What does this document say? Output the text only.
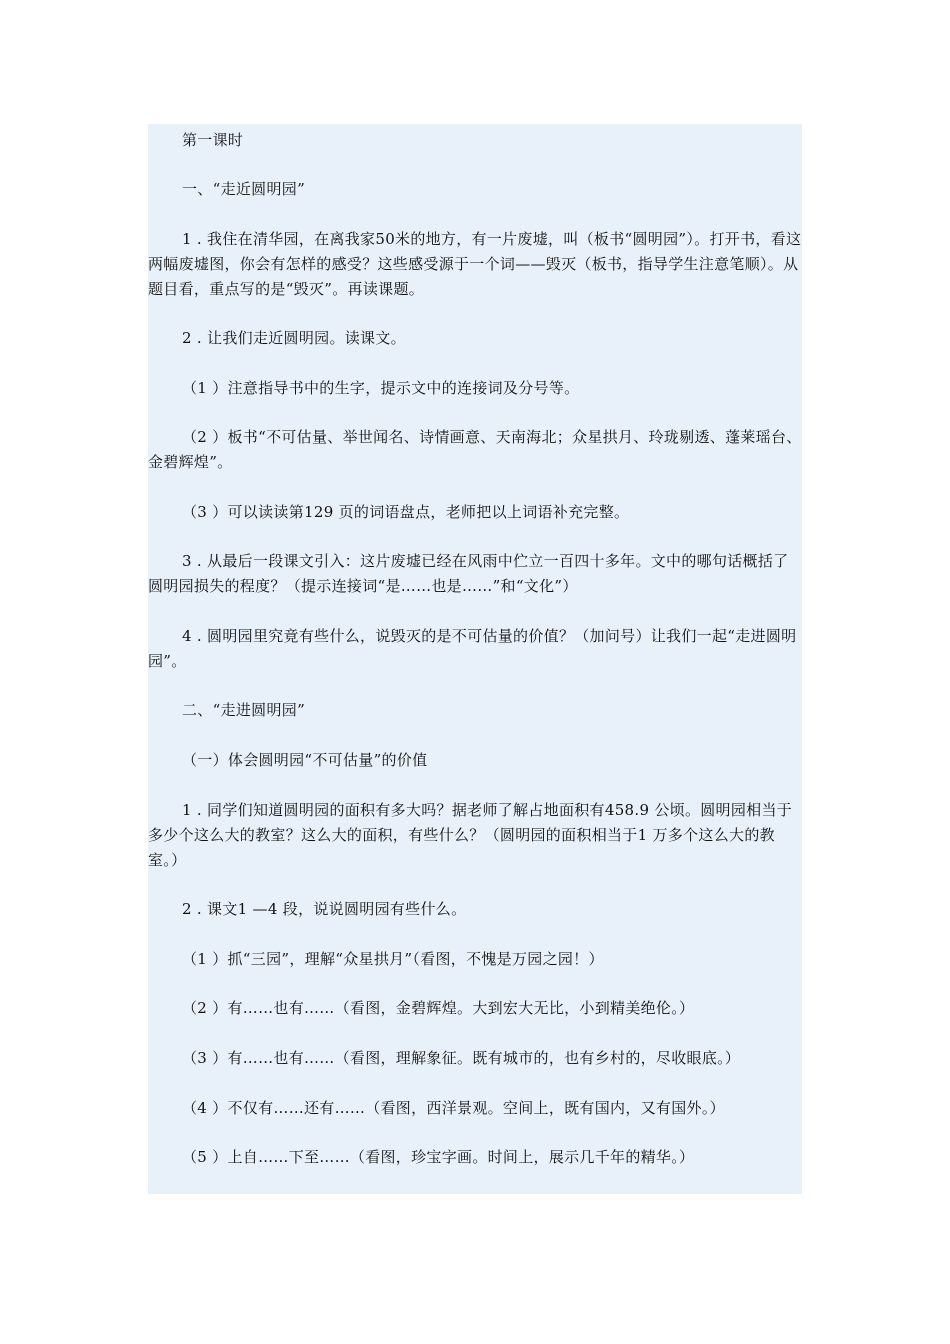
第一课时

一、“走近圆明园”

1 . 我住在清华园，在离我家50米的地方，有一片废墟，叫（板书“圆明园”）。打开书，看这两幅废墟图，你会有怎样的感受？这些感受源于一个词——毁灭（板书，指导学生注意笔顺）。从题目看，重点写的是“毁灭”。再读课题。

2 . 让我们走近圆明园。读课文。

（1 ）注意指导书中的生字，提示文中的连接词及分号等。

（2 ）板书“不可估量、举世闻名、诗情画意、天南海北；众星拱月、玲珑剔透、蓬莱瑶台、金碧辉煌”。

（3 ）可以读读第129 页的词语盘点，老师把以上词语补充完整。

3 . 从最后一段课文引入：这片废墟已经在风雨中伫立一百四十多年。文中的哪句话概括了圆明园损失的程度？（提示连接词“是……也是……”和“文化”）

4 . 圆明园里究竟有些什么，说毁灭的是不可估量的价值？（加问号）让我们一起“走进圆明园”。

二、“走进圆明园”

（一）体会圆明园“不可估量”的价值

1 . 同学们知道圆明园的面积有多大吗？据老师了解占地面积有458.9 公顷。圆明园相当于多少个这么大的教室？这么大的面积，有些什么？（圆明园的面积相当于1 万多个这么大的教室。）

2 . 课文1 —4 段，说说圆明园有些什么。

（1 ）抓“三园”，理解“众星拱月”（看图，不愧是万园之园！）

（2 ）有……也有……（看图，金碧辉煌。大到宏大无比，小到精美绝伦。）

（3 ）有……也有……（看图，理解象征。既有城市的，也有乡村的，尽收眼底。）

（4 ）不仅有……还有……（看图，西洋景观。空间上，既有国内，又有国外。）

（5 ）上自……下至……（看图，珍宝字画。时间上，展示几千年的精华。）
